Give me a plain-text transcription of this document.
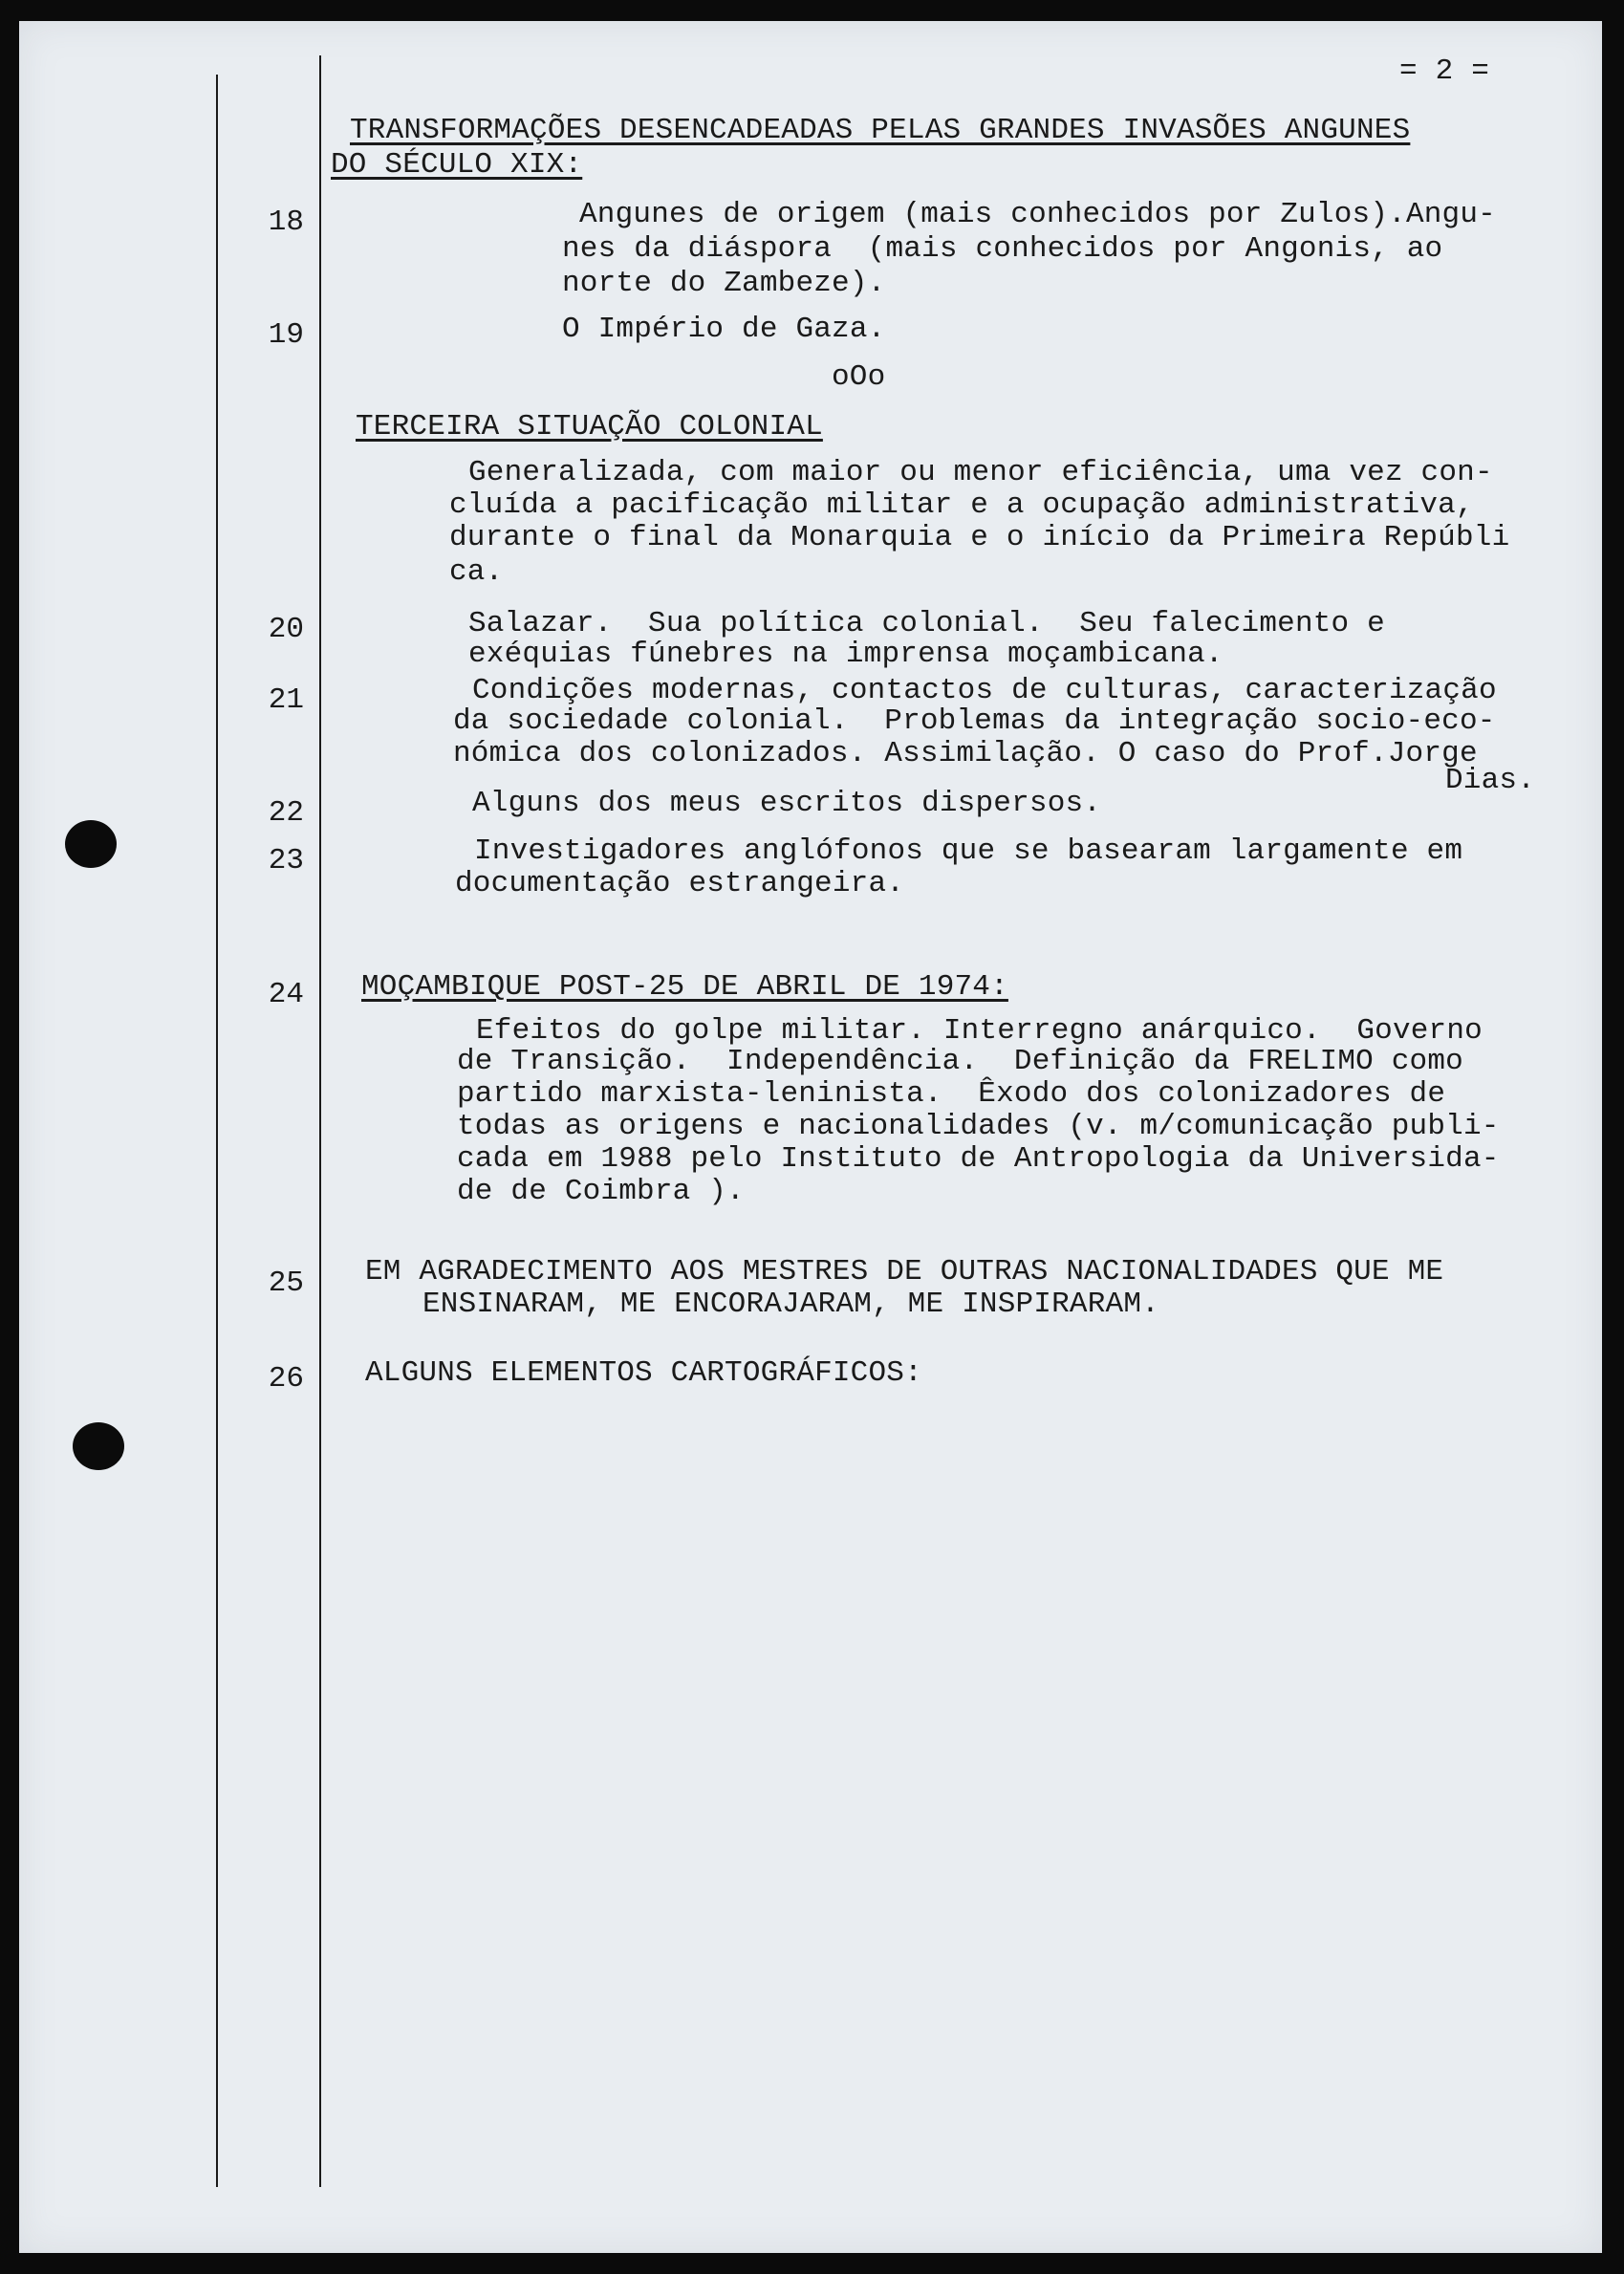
= 2 =
TRANSFORMAÇÕES DESENCADEADAS PELAS GRANDES INVASÕES ANGUNES
DO SÉCULO XIX:
18	Angunes de origem (mais conhecidos por Zulos).Angu-
nes da diáspora  (mais conhecidos por Angonis, ao
norte do Zambeze).
19	O Império de Gaza.
oOo
TERCEIRA SITUAÇÃO COLONIAL
Generalizada, com maior ou menor eficiência, uma vez con-
cluída a pacificação militar e a ocupação administrativa,
durante o final da Monarquia e o início da Primeira Repúbli
ca.
20	Salazar.  Sua política colonial.  Seu falecimento e
exéquias fúnebres na imprensa moçambicana.
21	Condições modernas, contactos de culturas, caracterização
da sociedade colonial.  Problemas da integração socio-eco-
nómica dos colonizados. Assimilação. O caso do Prof.Jorge
Dias.
22	Alguns dos meus escritos dispersos.
23	Investigadores anglófonos que se basearam largamente em
documentação estrangeira.
24 MOÇAMBIQUE POST-25 DE ABRIL DE 1974:
Efeitos do golpe militar. Interregno anárquico.  Governo
de Transição.  Independência.  Definição da FRELIMO como
partido marxista-leninista.  Êxodo dos colonizadores de
todas as origens e nacionalidades (v. m/comunicação publi-
cada em 1988 pelo Instituto de Antropologia da Universida-
de de Coimbra ).
25 EM AGRADECIMENTO AOS MESTRES DE OUTRAS NACIONALIDADES QUE ME
ENSINARAM, ME ENCORAJARAM, ME INSPIRARAM.
26 ALGUNS ELEMENTOS CARTOGRÁFICOS:
